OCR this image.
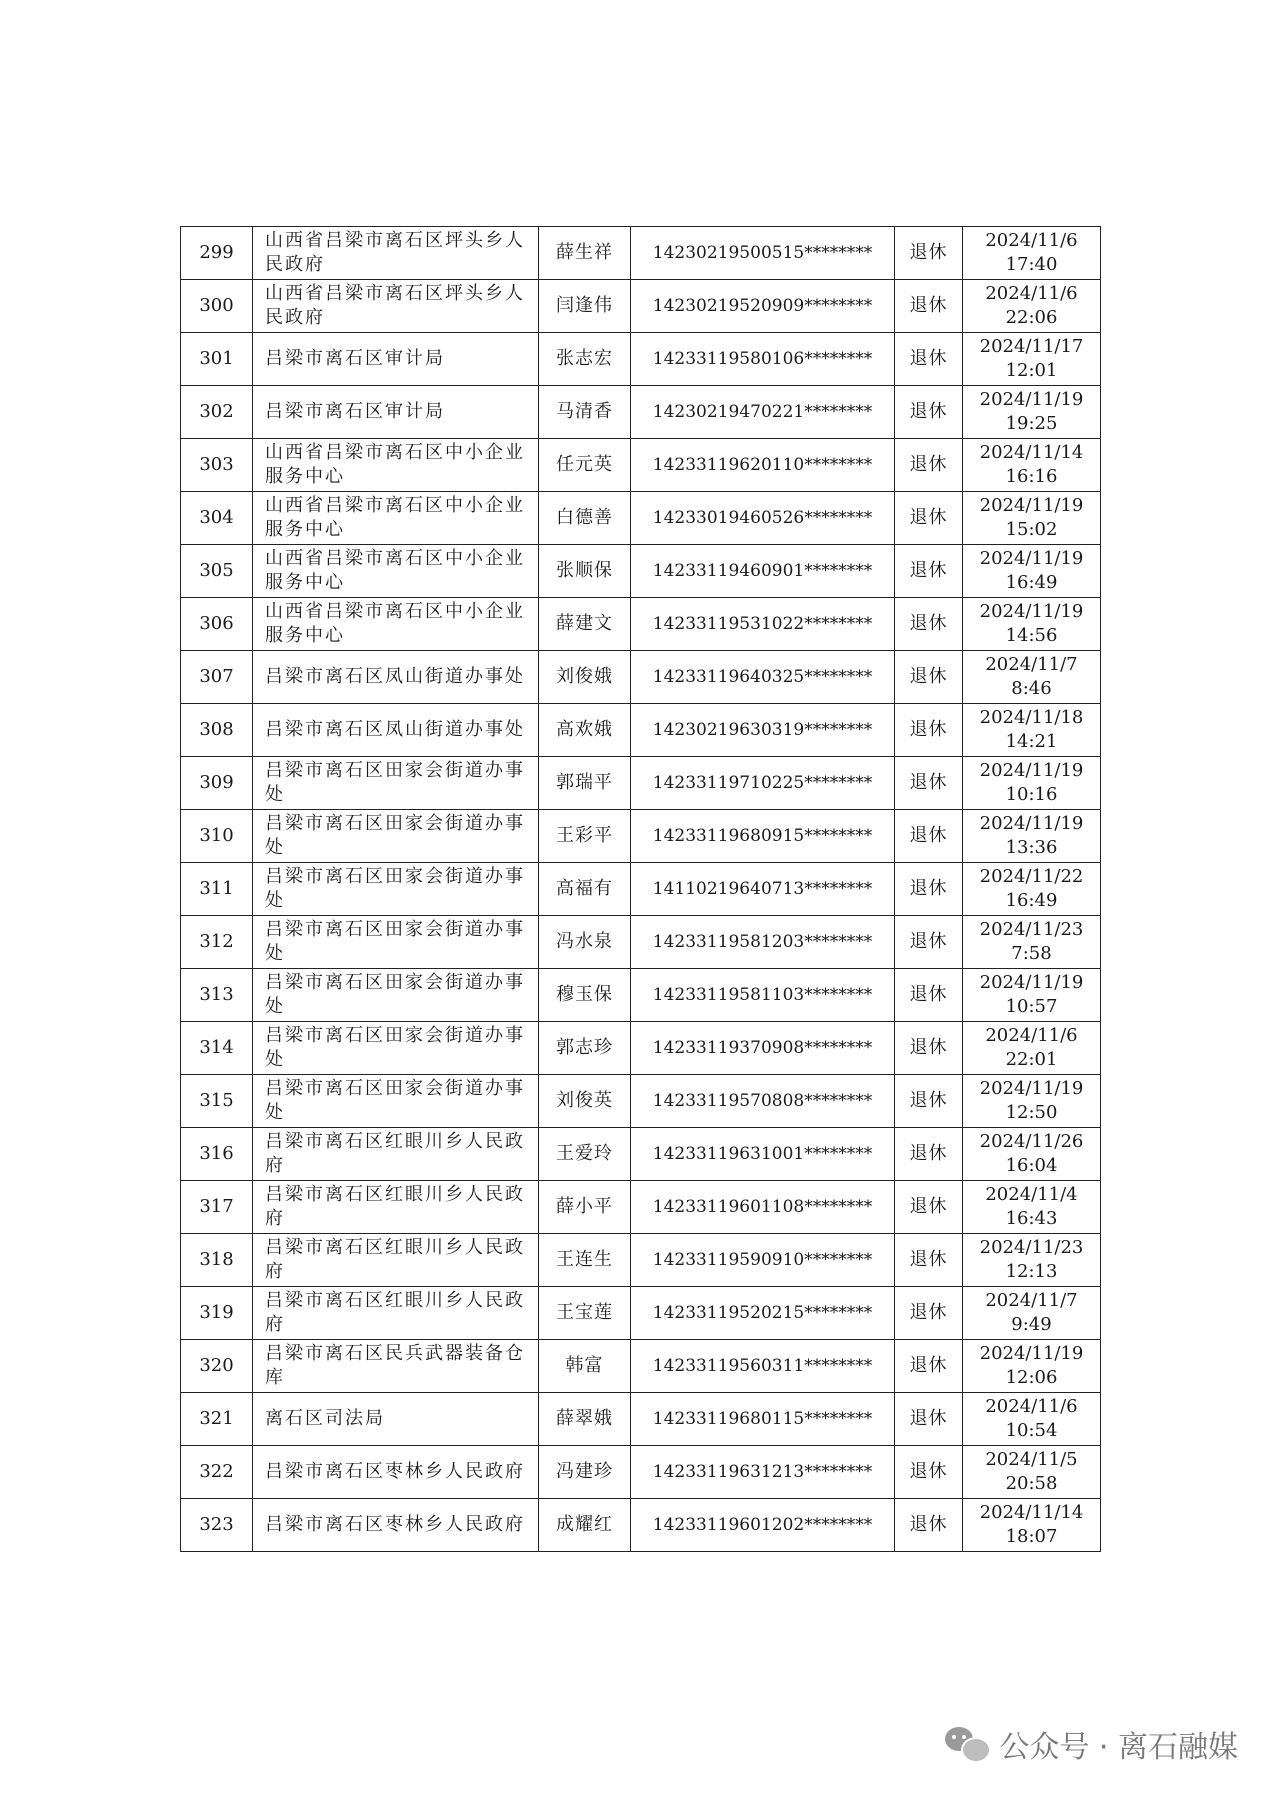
299	山西省吕梁市离石区坪头乡人民政府	薛生祥	14230219500515********	退休	2024/11/6
17:40

300	山西省吕梁市离石区坪头乡人民政府	闫逢伟	14230219520909********	退休	2024/11/6
22:06

301	吕梁市离石区审计局	张志宏	14233119580106********	退休	2024/11/17
12:01

302	吕梁市离石区审计局	马清香	14230219470221********	退休	2024/11/19
19:25

303	山西省吕梁市离石区中小企业服务中心	任元英	14233119620110********	退休	2024/11/14
16:16

304	山西省吕梁市离石区中小企业服务中心	白德善	14233019460526********	退休	2024/11/19
15:02

305	山西省吕梁市离石区中小企业服务中心	张顺保	14233119460901********	退休	2024/11/19
16:49

306	山西省吕梁市离石区中小企业服务中心	薛建文	14233119531022********	退休	2024/11/19
14:56

307	吕梁市离石区凤山街道办事处	刘俊娥	14233119640325********	退休	2024/11/7
8:46

308	吕梁市离石区凤山街道办事处	高欢娥	14230219630319********	退休	2024/11/18
14:21

309	吕梁市离石区田家会街道办事处	郭瑞平	14233119710225********	退休	2024/11/19
10:16

310	吕梁市离石区田家会街道办事处	王彩平	14233119680915********	退休	2024/11/19
13:36

311	吕梁市离石区田家会街道办事处	高福有	14110219640713********	退休	2024/11/22
16:49

312	吕梁市离石区田家会街道办事处	冯水泉	14233119581203********	退休	2024/11/23
7:58

313	吕梁市离石区田家会街道办事处	穆玉保	14233119581103********	退休	2024/11/19
10:57

314	吕梁市离石区田家会街道办事处	郭志珍	14233119370908********	退休	2024/11/6
22:01

315	吕梁市离石区田家会街道办事处	刘俊英	14233119570808********	退休	2024/11/19
12:50

316	吕梁市离石区红眼川乡人民政府	王爱玲	14233119631001********	退休	2024/11/26
16:04

317	吕梁市离石区红眼川乡人民政府	薛小平	14233119601108********	退休	2024/11/4
16:43

318	吕梁市离石区红眼川乡人民政府	王连生	14233119590910********	退休	2024/11/23
12:13

319	吕梁市离石区红眼川乡人民政府	王宝莲	14233119520215********	退休	2024/11/7
9:49

320	吕梁市离石区民兵武器装备仓库	韩富	14233119560311********	退休	2024/11/19
12:06

321	离石区司法局	薛翠娥	14233119680115********	退休	2024/11/6
10:54

322	吕梁市离石区枣林乡人民政府	冯建珍	14233119631213********	退休	2024/11/5
20:58

323	吕梁市离石区枣林乡人民政府	成耀红	14233119601202********	退休	2024/11/14
18:07
公众号 · 离石融媒
